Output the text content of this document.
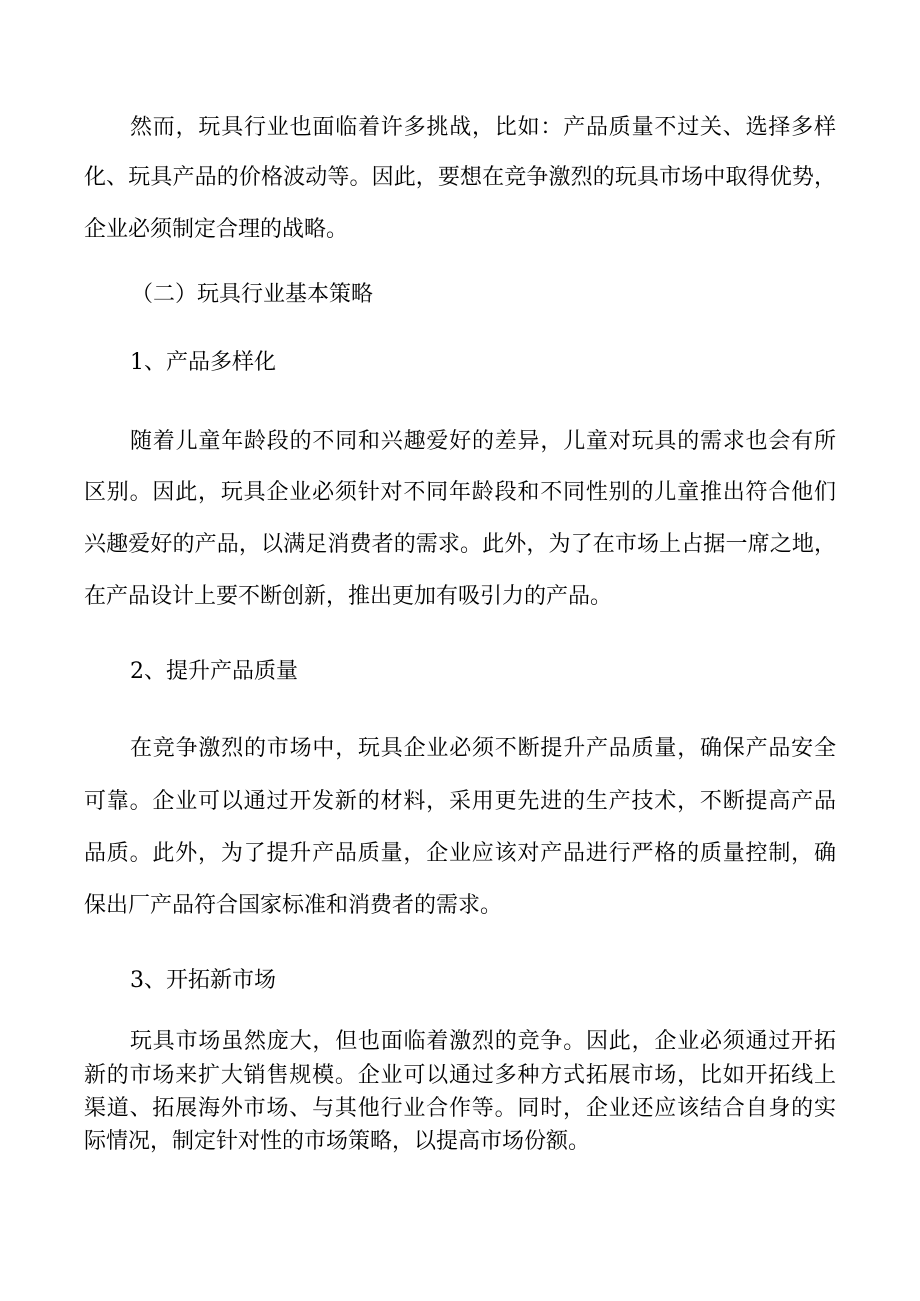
然而，玩具行业也面临着许多挑战，比如：产品质量不过关、选择多样
化、玩具产品的价格波动等。因此，要想在竞争激烈的玩具市场中取得优势，
企业必须制定合理的战略。
（二）玩具行业基本策略
1、产品多样化
随着儿童年龄段的不同和兴趣爱好的差异，儿童对玩具的需求也会有所
区别。因此，玩具企业必须针对不同年龄段和不同性别的儿童推出符合他们
兴趣爱好的产品，以满足消费者的需求。此外，为了在市场上占据一席之地，
在产品设计上要不断创新，推出更加有吸引力的产品。
2、提升产品质量
在竞争激烈的市场中，玩具企业必须不断提升产品质量，确保产品安全
可靠。企业可以通过开发新的材料，采用更先进的生产技术，不断提高产品
品质。此外，为了提升产品质量，企业应该对产品进行严格的质量控制，确
保出厂产品符合国家标准和消费者的需求。
3、开拓新市场
玩具市场虽然庞大，但也面临着激烈的竞争。因此，企业必须通过开拓
新的市场来扩大销售规模。企业可以通过多种方式拓展市场，比如开拓线上
渠道、拓展海外市场、与其他行业合作等。同时，企业还应该结合自身的实
际情况，制定针对性的市场策略，以提高市场份额。
